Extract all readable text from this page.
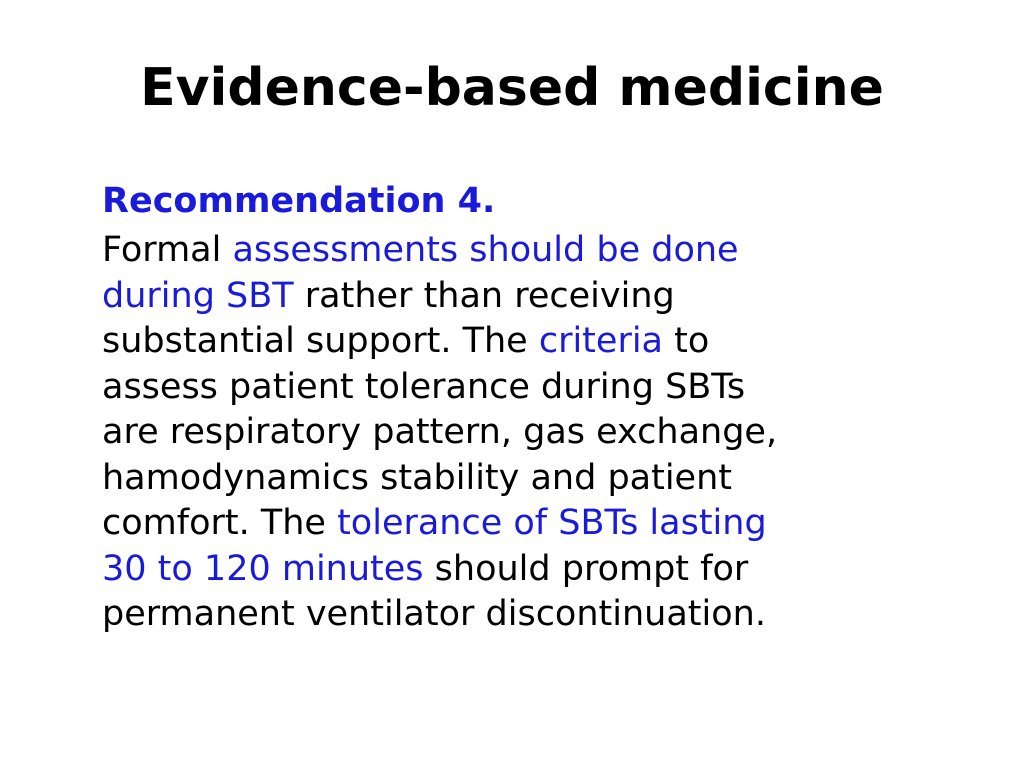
Evidence-based medicine
Recommendation 4.
Formal assessments should be done
during SBT rather than receiving
substantial support. The criteria to
assess patient tolerance during SBTs
are respiratory pattern, gas exchange,
hamodynamics stability and patient
comfort. The tolerance of SBTs lasting
30 to 120 minutes should prompt for
permanent ventilator discontinuation.
